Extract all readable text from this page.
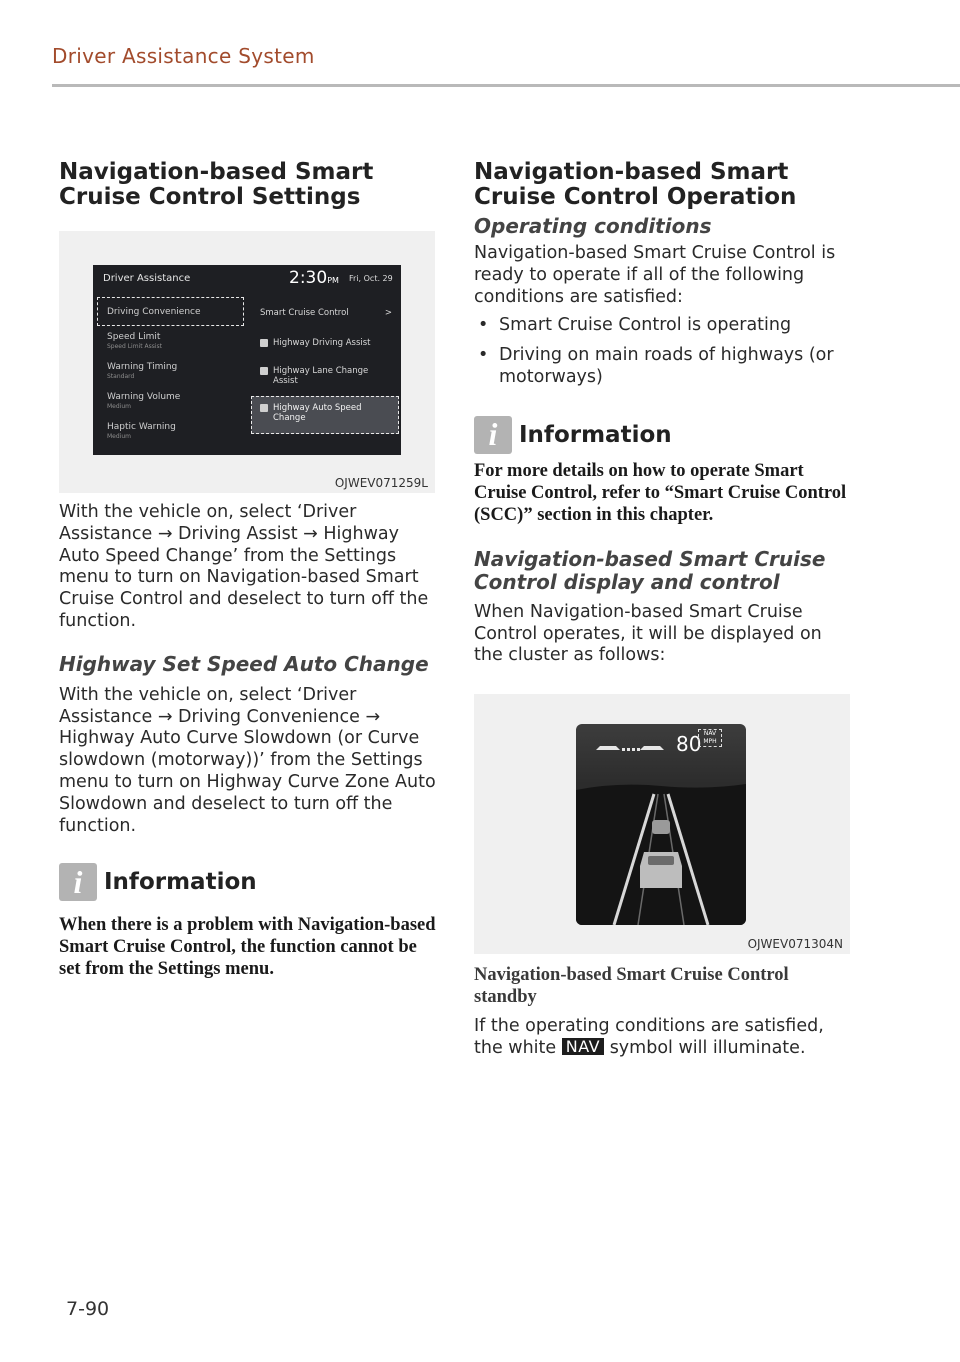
Driver Assistance System
Navigation-based Smart Cruise Control Settings
Driver Assistance	2:30PM Fri, Oct. 29
Driving Convenience
Speed Limit
Speed Limit Assist
Warning Timing
Standard
Warning Volume
Medium
Haptic Warning
Medium
Smart Cruise Control	>
Highway Driving Assist
Highway Lane Change Assist
Highway Auto Speed Change
OJWEV071259L

With the vehicle on, select ‘Driver Assistance → Driving Assist → Highway Auto Speed Change’ from the Settings menu to turn on Navigation-based Smart Cruise Control and deselect to turn off the function.

Highway Set Speed Auto Change

With the vehicle on, select ‘Driver Assistance → Driving Convenience → Highway Auto Curve Slowdown (or Curve slowdown (motorway))’ from the Settings menu to turn on Highway Curve Zone Auto Slowdown and deselect to turn off the function.

i Information
When there is a problem with Navigation-based Smart Cruise Control, the function cannot be set from the Settings menu.
Navigation-based Smart Cruise Control Operation
Operating conditions

Navigation-based Smart Cruise Control is ready to operate if all of the following conditions are satisfied:

• Smart Cruise Control is operating
• Driving on main roads of highways (or motorways)
i Information
For more details on how to operate Smart Cruise Control, refer to “Smart Cruise Control (SCC)” section in this chapter.
Navigation-based Smart Cruise Control display and control

When Navigation-based Smart Cruise Control operates, it will be displayed on the cluster as follows:

80 NAV
MPH
OJWEV071304N
Navigation-based Smart Cruise Control standby

If the operating conditions are satisfied, the white NAV symbol will illuminate.

7-90
